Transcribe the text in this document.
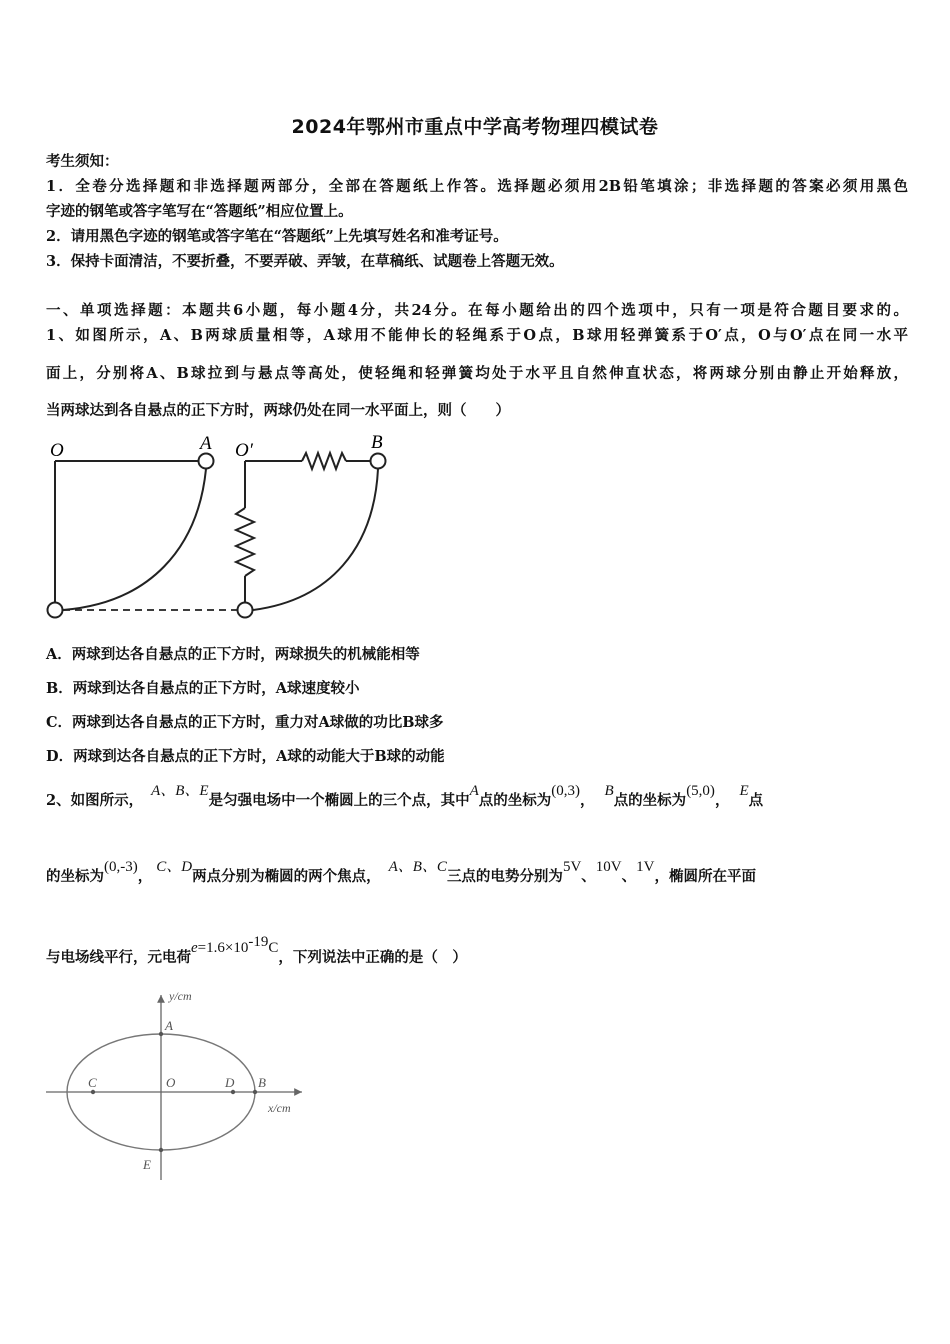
2024年鄂州市重点中学高考物理四模试卷
考生须知：
1．全卷分选择题和非选择题两部分，全部在答题纸上作答。选择题必须用2B铅笔填涂；非选择题的答案必须用黑色
字迹的钢笔或答字笔写在“答题纸”相应位置上。
2．请用黑色字迹的钢笔或答字笔在“答题纸”上先填写姓名和准考证号。
3．保持卡面清洁，不要折叠，不要弄破、弄皱，在草稿纸、试题卷上答题无效。
一、单项选择题：本题共6小题，每小题4分，共24分。在每小题给出的四个选项中，只有一项是符合题目要求的。
1、如图所示，A、B两球质量相等，A球用不能伸长的轻绳系于O点，B球用轻弹簧系于O′点，O与O′点在同一水平
面上，分别将A、B球拉到与悬点等高处，使轻绳和轻弹簧均处于水平且自然伸直状态，将两球分别由静止开始释放，
当两球达到各自悬点的正下方时，两球仍处在同一水平面上，则（　　）
O	A O′	B
A．两球到达各自悬点的正下方时，两球损失的机械能相等
B．两球到达各自悬点的正下方时，A球速度较小
C．两球到达各自悬点的正下方时，重力对A球做的功比B球多
D．两球到达各自悬点的正下方时，A球的动能大于B球的动能
2、如图所示，A、B、E是匀强电场中一个椭圆上的三个点，其中A点的坐标为(0,3)，B点的坐标为(5,0)，E点
的坐标为(0,-3)，C、D两点分别为椭圆的两个焦点，A、B、C三点的电势分别为5V、10V、1V，椭圆所在平面
与电场线平行，元电荷$e=1.6\times 10^{-19}C$，下列说法中正确的是（　）
y/cm
x/cm
A
B
C	D
O
E
